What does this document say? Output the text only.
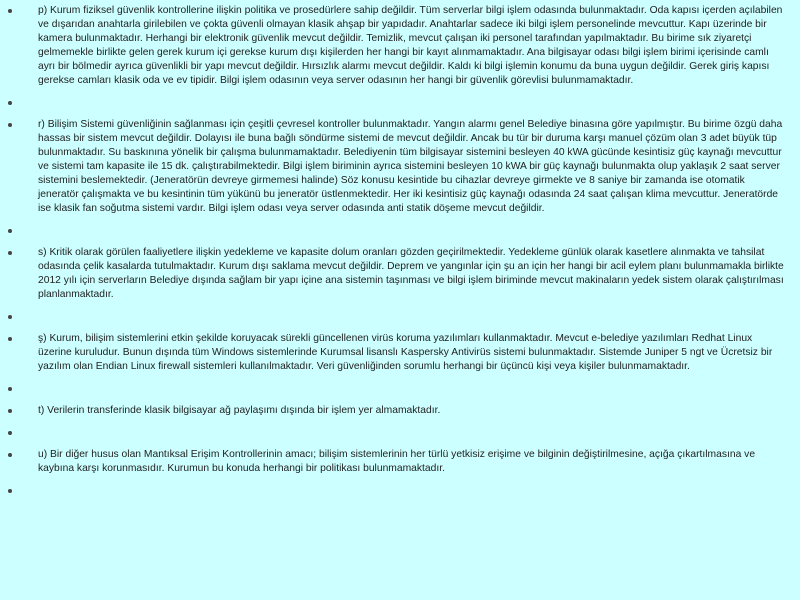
p) Kurum fiziksel güvenlik kontrollerine ilişkin politika ve prosedürlere sahip değildir. Tüm serverlar bilgi işlem odasında bulunmaktadır. Oda kapısı içerden açılabilen ve dışarıdan anahtarla girilebilen ve çokta güvenli olmayan klasik ahşap bir yapıdadır. Anahtarlar sadece iki bilgi işlem personelinde mevcuttur. Kapı üzerinde bir kamera bulunmaktadır. Herhangi bir elektronik güvenlik mevcut değildir. Temizlik, mevcut çalışan iki personel tarafından yapılmaktadır. Bu birime sık ziyaretçi gelmemekle birlikte gelen gerek kurum içi gerekse kurum dışı kişilerden her hangi bir kayıt alınmamaktadır. Ana bilgisayar odası bilgi işlem birimi içerisinde camlı ayrı bir bölmedir ayrıca güvenlikli bir yapı mevcut değildir. Hırsızlık alarmı mevcut değildir. Kaldı ki bilgi işlemin konumu da buna uygun değildir. Gerek giriş kapısı gerekse camları klasik oda ve ev tipidir. Bilgi işlem odasının veya server odasının her hangi bir güvenlik görevlisi bulunmamaktadır.
r) Bilişim Sistemi güvenliğinin sağlanması için çeşitli çevresel kontroller bulunmaktadır. Yangın alarmı genel Belediye binasına göre yapılmıştır. Bu birime özgü daha hassas bir sistem mevcut değildir. Dolayısı ile buna bağlı söndürme sistemi de mevcut değildir. Ancak bu tür bir duruma karşı manuel çözüm olan 3 adet büyük tüp bulunmaktadır. Su baskınına yönelik bir çalışma bulunmamaktadır. Belediyenin tüm bilgisayar sistemini besleyen 40 kWA gücünde kesintisiz güç kaynağı mevcuttur ve sistemi tam kapasite ile 15 dk. çalıştırabilmektedir. Bilgi işlem biriminin ayrıca sistemini besleyen 10 kWA bir güç kaynağı bulunmakta olup yaklaşık 2 saat server sistemini beslemektedir. (Jeneratörün devreye girmemesi halinde) Söz konusu kesintide bu cihazlar devreye girmekte ve 8 saniye bir zamanda ise otomatik jeneratör çalışmakta ve bu kesintinin tüm yükünü bu jeneratör üstlenmektedir. Her iki kesintisiz güç kaynağı odasında 24 saat çalışan klima mevcuttur. Jeneratörde ise klasik fan soğutma sistemi vardır. Bilgi işlem odası veya server odasında anti statik döşeme mevcut değildir.
s) Kritik olarak görülen faaliyetlere ilişkin yedekleme ve kapasite dolum oranları gözden geçirilmektedir. Yedekleme günlük olarak kasetlere alınmakta ve tahsilat odasında çelik kasalarda tutulmaktadır. Kurum dışı saklama mevcut değildir. Deprem ve yangınlar için şu an için her hangi bir acil eylem planı bulunmamakla birlikte 2012 yılı için serverların Belediye dışında sağlam bir yapı içine ana sistemin taşınması ve bilgi işlem biriminde mevcut makinaların yedek sistem olarak çalıştırılması planlanmaktadır.
ş) Kurum, bilişim sistemlerini etkin şekilde koruyacak sürekli güncellenen virüs koruma yazılımları kullanmaktadır. Mevcut e-belediye yazılımları Redhat Linux üzerine kuruludur. Bunun dışında tüm Windows sistemlerinde Kurumsal lisanslı Kaspersky Antivirüs sistemi bulunmaktadır. Sistemde Juniper 5 ngt ve Ücretsiz bir yazılım olan Endian Linux firewall sistemleri kullanılmaktadır. Veri güvenliğinden sorumlu herhangi bir üçüncü kişi veya kişiler bulunmamaktadır.
t) Verilerin transferinde klasik bilgisayar ağ paylaşımı dışında bir işlem yer almamaktadır.
u) Bir diğer husus olan Mantıksal Erişim Kontrollerinin amacı; bilişim sistemlerinin her türlü yetkisiz erişime ve bilginin değiştirilmesine, açığa çıkartılmasına ve kaybına karşı korunmasıdır. Kurumun bu konuda herhangi bir politikası bulunmamaktadır.
